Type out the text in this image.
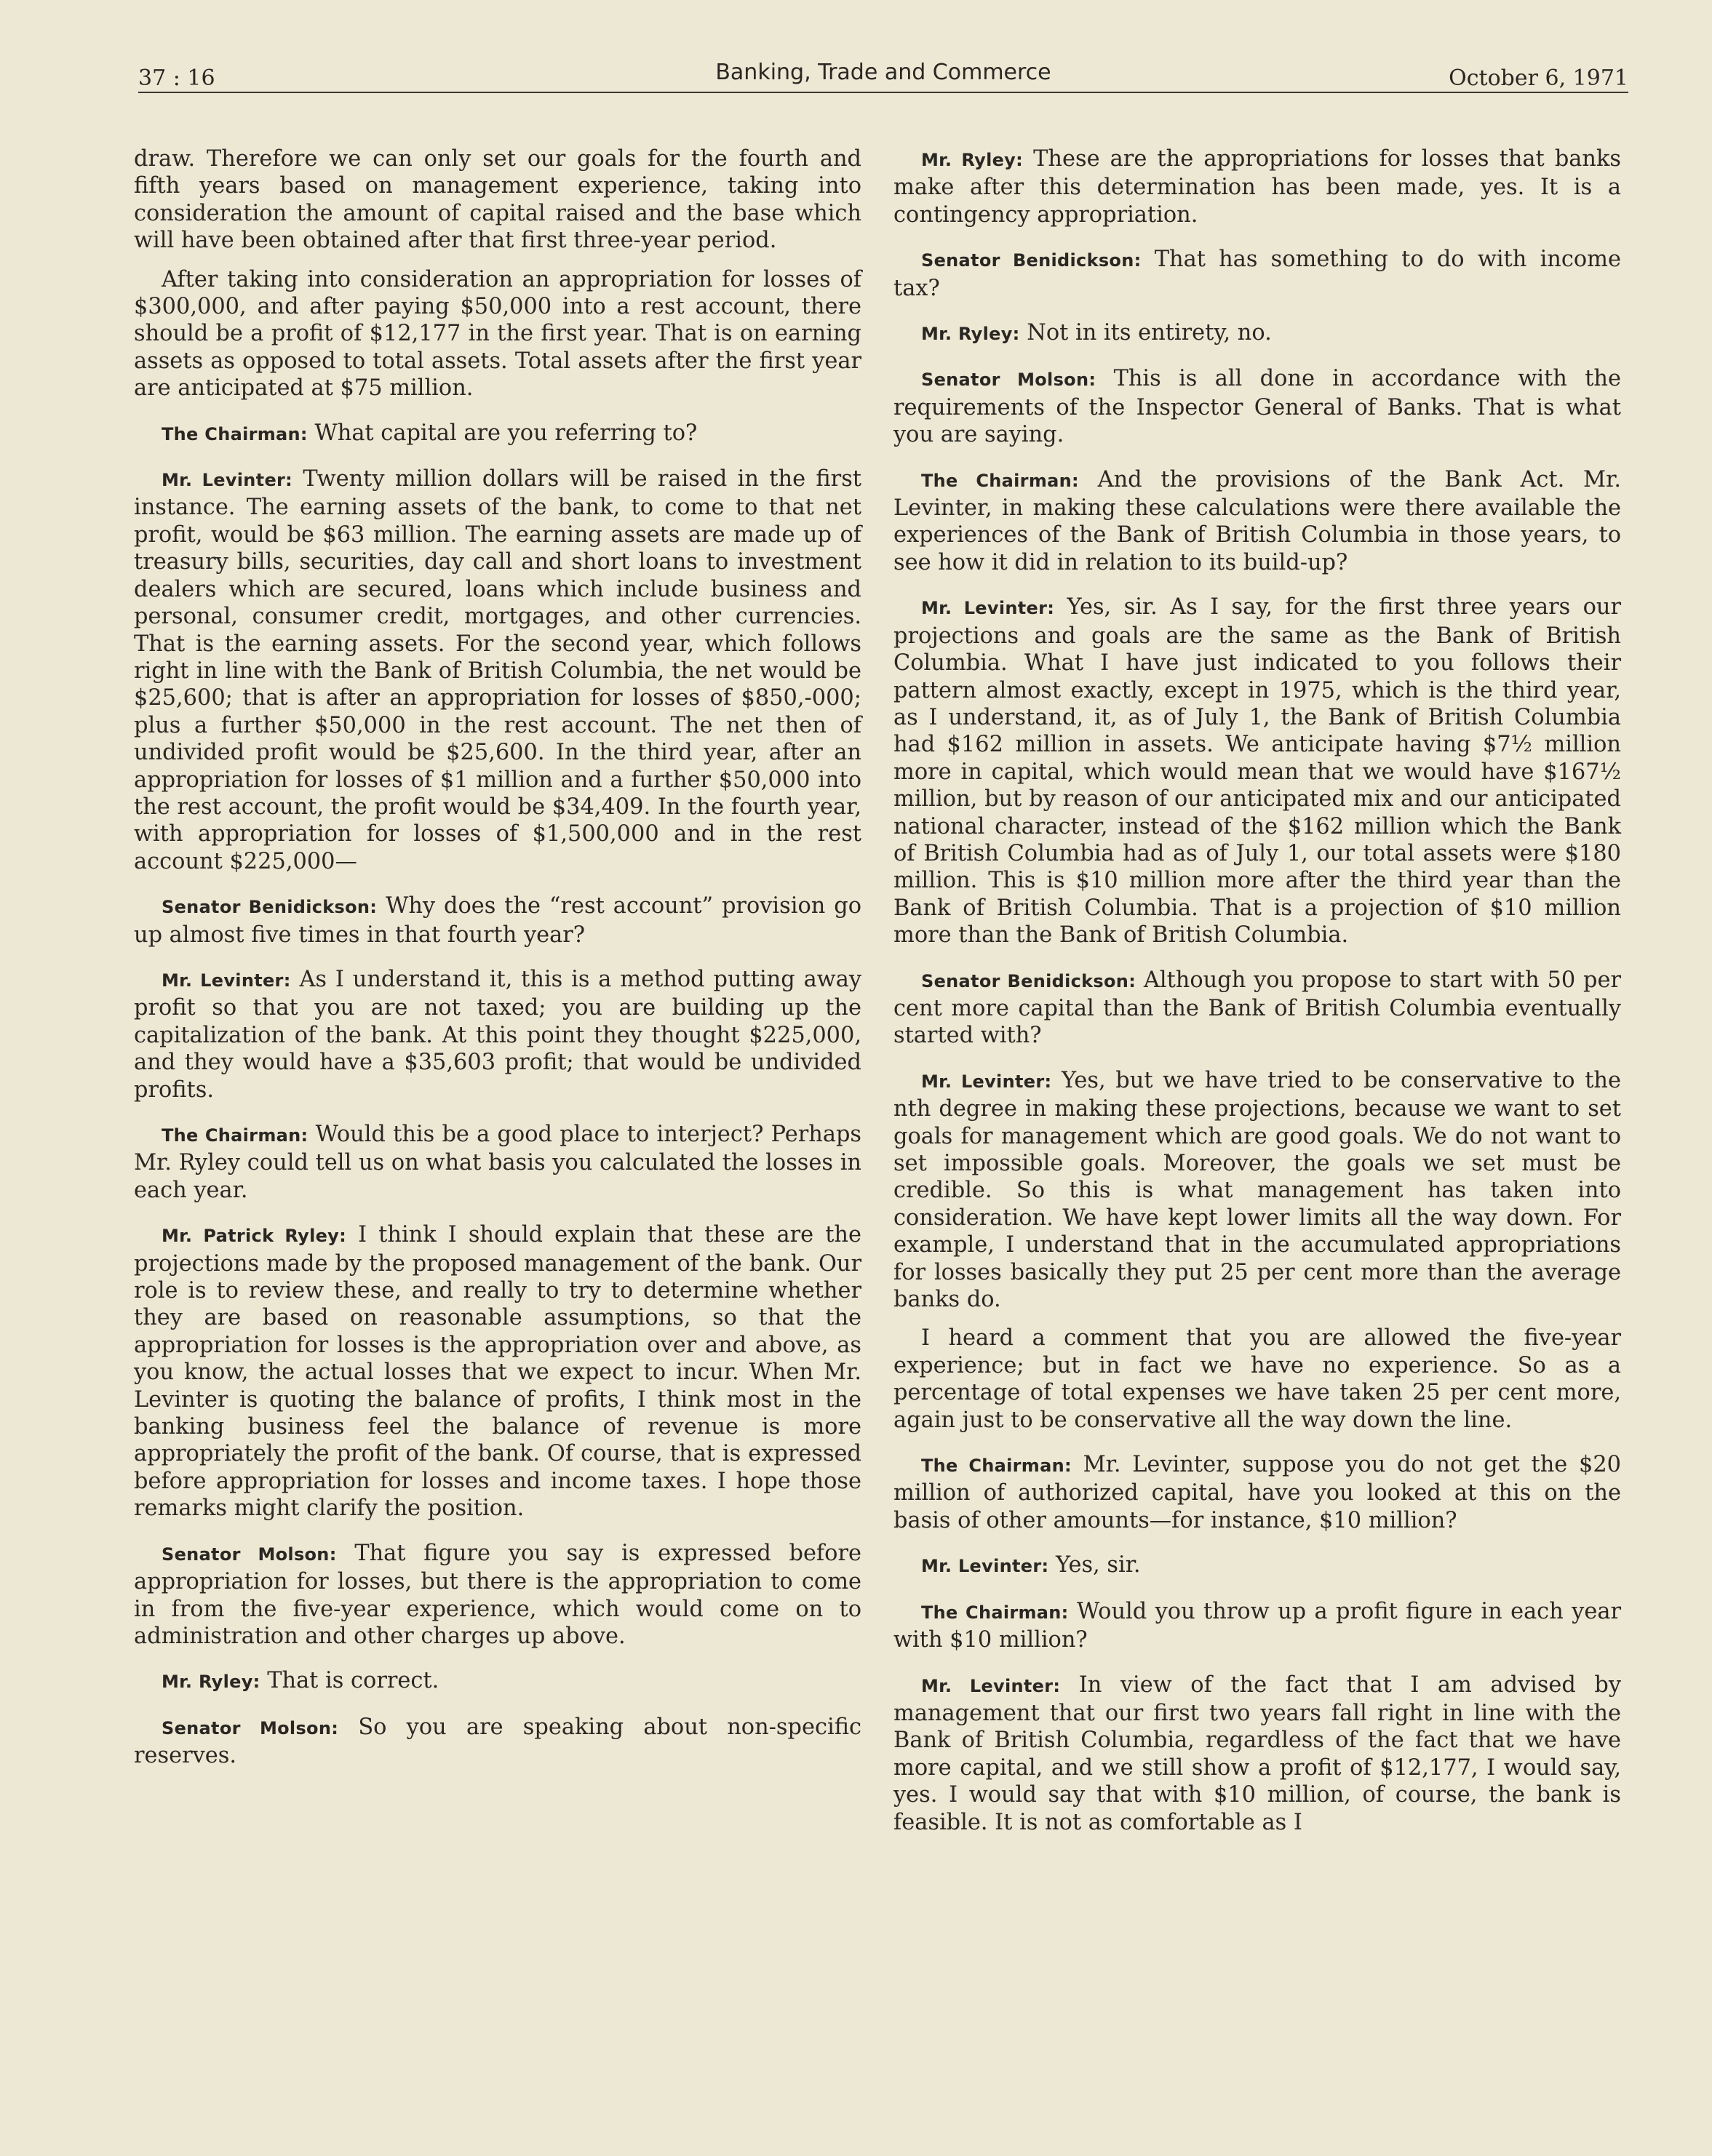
37 : 16	Banking, Trade and Commerce	October 6, 1971

draw. Therefore we can only set our goals for the fourth and fifth years based on management experience, taking into consideration the amount of capital raised and the base which will have been obtained after that first three-year period.

After taking into consideration an appropriation for losses of $300,000, and after paying $50,000 into a rest account, there should be a profit of $12,177 in the first year. That is on earning assets as opposed to total assets. Total assets after the first year are anticipated at $75 million.

The Chairman: What capital are you referring to?

Mr. Levinter: Twenty million dollars will be raised in the first instance. The earning assets of the bank, to come to that net profit, would be $63 million. The earning assets are made up of treasury bills, securities, day call and short loans to investment dealers which are secured, loans which include business and personal, consumer credit, mortgages, and other currencies. That is the earning assets. For the second year, which follows right in line with the Bank of British Columbia, the net would be $25,600; that is after an appropriation for losses of $850,-000; plus a further $50,000 in the rest account. The net then of undivided profit would be $25,600. In the third year, after an appropriation for losses of $1 million and a further $50,000 into the rest account, the profit would be $34,409. In the fourth year, with appropriation for losses of $1,500,000 and in the rest account $225,000—

Senator Benidickson: Why does the “rest account” provision go up almost five times in that fourth year?

Mr. Levinter: As I understand it, this is a method putting away profit so that you are not taxed; you are building up the capitalization of the bank. At this point they thought $225,000, and they would have a $35,603 profit; that would be undivided profits.

The Chairman: Would this be a good place to interject? Perhaps Mr. Ryley could tell us on what basis you calculated the losses in each year.

Mr. Patrick Ryley: I think I should explain that these are the projections made by the proposed management of the bank. Our role is to review these, and really to try to determine whether they are based on reasonable assumptions, so that the appropriation for losses is the appropriation over and above, as you know, the actual losses that we expect to incur. When Mr. Levinter is quoting the balance of profits, I think most in the banking business feel the balance of revenue is more appropriately the profit of the bank. Of course, that is expressed before appropriation for losses and income taxes. I hope those remarks might clarify the position.

Senator Molson: That figure you say is expressed before appropriation for losses, but there is the appropriation to come in from the five-year experience, which would come on to administration and other charges up above.

Mr. Ryley: That is correct.

Senator Molson: So you are speaking about non-specific reserves.

Mr. Ryley: These are the appropriations for losses that banks make after this determination has been made, yes. It is a contingency appropriation.

Senator Benidickson: That has something to do with income tax?

Mr. Ryley: Not in its entirety, no.

Senator Molson: This is all done in accordance with the requirements of the Inspector General of Banks. That is what you are saying.

The Chairman: And the provisions of the Bank Act. Mr. Levinter, in making these calculations were there available the experiences of the Bank of British Columbia in those years, to see how it did in relation to its build-up?

Mr. Levinter: Yes, sir. As I say, for the first three years our projections and goals are the same as the Bank of British Columbia. What I have just indicated to you follows their pattern almost exactly, except in 1975, which is the third year, as I understand, it, as of July 1, the Bank of British Columbia had $162 million in assets. We anticipate having $7½ million more in capital, which would mean that we would have $167½ million, but by reason of our anticipated mix and our anticipated national character, instead of the $162 million which the Bank of British Columbia had as of July 1, our total assets were $180 million. This is $10 million more after the third year than the Bank of British Columbia. That is a projection of $10 million more than the Bank of British Columbia.

Senator Benidickson: Although you propose to start with 50 per cent more capital than the Bank of British Columbia eventually started with?

Mr. Levinter: Yes, but we have tried to be conservative to the nth degree in making these projections, because we want to set goals for management which are good goals. We do not want to set impossible goals. Moreover, the goals we set must be credible. So this is what management has taken into consideration. We have kept lower limits all the way down. For example, I understand that in the accumulated appropriations for losses basically they put 25 per cent more than the average banks do.

I heard a comment that you are allowed the five-year experience; but in fact we have no experience. So as a percentage of total expenses we have taken 25 per cent more, again just to be conservative all the way down the line.

The Chairman: Mr. Levinter, suppose you do not get the $20 million of authorized capital, have you looked at this on the basis of other amounts—for instance, $10 million?

Mr. Levinter: Yes, sir.

The Chairman: Would you throw up a profit figure in each year with $10 million?

Mr. Levinter: In view of the fact that I am advised by management that our first two years fall right in line with the Bank of British Columbia, regardless of the fact that we have more capital, and we still show a profit of $12,177, I would say, yes. I would say that with $10 million, of course, the bank is feasible. It is not as comfortable as I
